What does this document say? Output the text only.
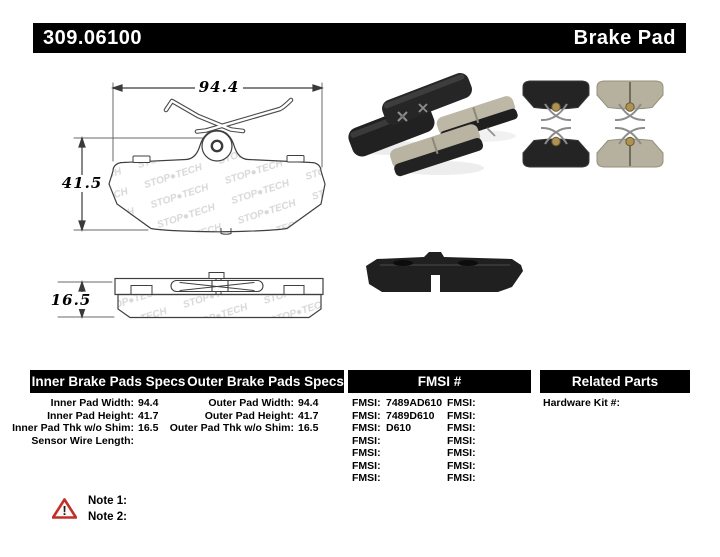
309.06100	Brake Pad
94.4
41.5
16.5
Inner Brake Pads Specs Outer Brake Pads Specs	FMSI #	Related Parts
Inner Pad Width: 94.4
Inner Pad Height: 41.7
Inner Pad Thk w/o Shim: 16.5
Sensor Wire Length:
Outer Pad Width: 94.4
Outer Pad Height: 41.7
Outer Pad Thk w/o Shim: 16.5
FMSI: 7489AD610
FMSI: 7489D610
FMSI: D610
FMSI:
FMSI:
FMSI:
FMSI:
FMSI:
FMSI:
FMSI:
FMSI:
FMSI:
FMSI:
FMSI:
Hardware Kit #:
!
Note 1:
Note 2:
